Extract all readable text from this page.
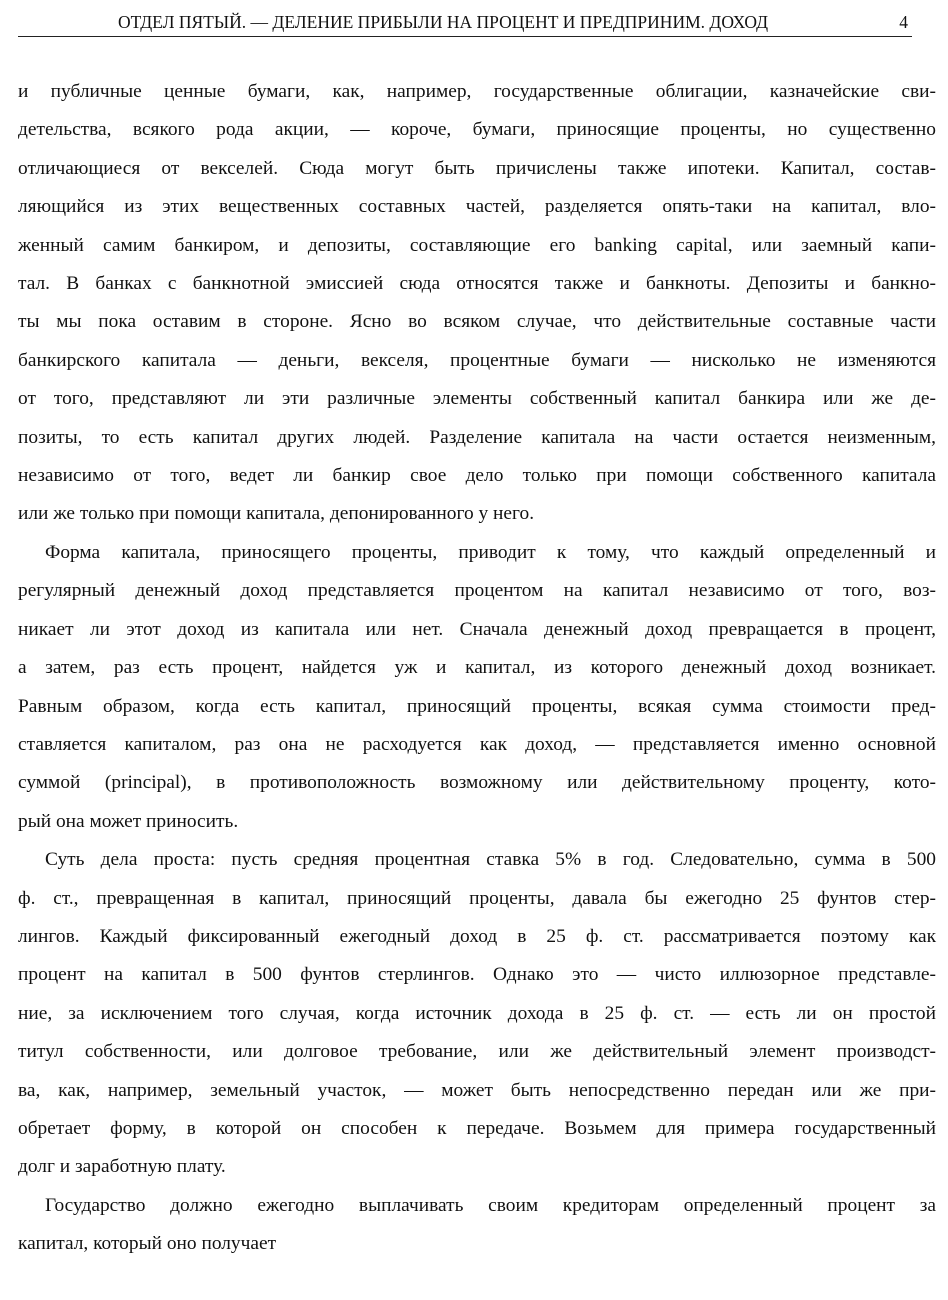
ОТДЕЛ ПЯТЫЙ. — ДЕЛЕНИЕ ПРИБЫЛИ НА ПРОЦЕНТ И ПРЕДПРИНИМ. ДОХОД	4
и публичные ценные бумаги, как, например, государственные облигации, казначейские сви-
детельства, всякого рода акции, — короче, бумаги, приносящие проценты, но существенно
отличающиеся от векселей. Сюда могут быть причислены также ипотеки. Капитал, состав-
ляющийся из этих вещественных составных частей, разделяется опять-таки на капитал, вло-
женный самим банкиром, и депозиты, составляющие его banking capital, или заемный капи-
тал. В банках с банкнотной эмиссией сюда относятся также и банкноты. Депозиты и банкно-
ты мы пока оставим в стороне. Ясно во всяком случае, что действительные составные части
банкирского капитала — деньги, векселя, процентные бумаги — нисколько не изменяются
от того, представляют ли эти различные элементы собственный капитал банкира или же де-
позиты, то есть капитал других людей. Разделение капитала на части остается неизменным,
независимо от того, ведет ли банкир свое дело только при помощи собственного капитала
или же только при помощи капитала, депонированного у него.
Форма капитала, приносящего проценты, приводит к тому, что каждый определенный и
регулярный денежный доход представляется процентом на капитал независимо от того, воз-
никает ли этот доход из капитала или нет. Сначала денежный доход превращается в процент,
а затем, раз есть процент, найдется уж и капитал, из которого денежный доход возникает.
Равным образом, когда есть капитал, приносящий проценты, всякая сумма стоимости пред-
ставляется капиталом, раз она не расходуется как доход, — представляется именно основной
суммой (principal), в противоположность возможному или действительному проценту, кото-
рый она может приносить.
Суть дела проста: пусть средняя процентная ставка 5% в год. Следовательно, сумма в 500
ф. ст., превращенная в капитал, приносящий проценты, давала бы ежегодно 25 фунтов стер-
лингов. Каждый фиксированный ежегодный доход в 25 ф. ст. рассматривается поэтому как
процент на капитал в 500 фунтов стерлингов. Однако это — чисто иллюзорное представле-
ние, за исключением того случая, когда источник дохода в 25 ф. ст. — есть ли он простой
титул собственности, или долговое требование, или же действительный элемент производст-
ва, как, например, земельный участок, — может быть непосредственно передан или же при-
обретает форму, в которой он способен к передаче. Возьмем для примера государственный
долг и заработную плату.
Государство должно ежегодно выплачивать своим кредиторам определенный процент за
капитал, который оно получает
